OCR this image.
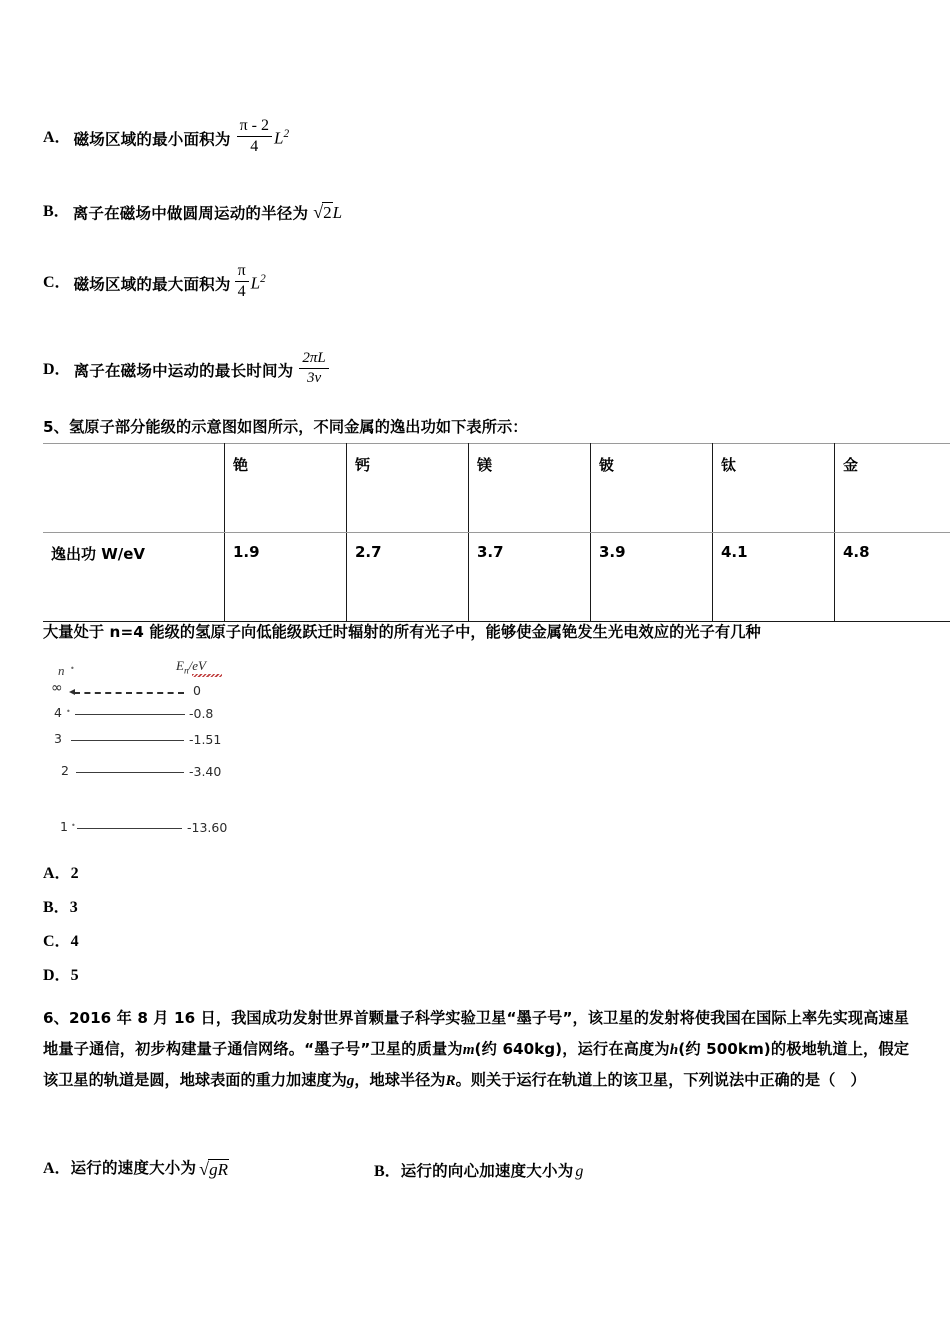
A． 磁场区域的最小面积为 $\frac{\pi - 2}{4} L^2$
B． 离子在磁场中做圆周运动的半径为 √2L
C． 磁场区域的最大面积为 $\frac{\pi}{4} L^2$
D． 离子在磁场中运动的最长时间为 $\frac{2\pi L}{3v}$
5、氢原子部分能级的示意图如图所示，不同金属的逸出功如下表所示：
	铯	钙	镁	铍	钛	金
逸出功 W/eV	1.9	2.7	3.7	3.9	4.1	4.8
大量处于 n=4 能级的氢原子向低能级跃迁时辐射的所有光子中，能够使金属铯发生光电效应的光子有几种
n •	$E_n/eV$
∞	0
4 •	-0.8
3	-1.51
2	-3.40
1 •	-13.60
A．2
B．3
C．4
D．5
6、2016 年 8 月 16 日，我国成功发射世界首颗量子科学实验卫星“墨子号”，该卫星的发射将使我国在国际上率先实现高速星地量子通信，初步构建量子通信网络。“墨子号”卫星的质量为m(约 640kg)，运行在高度为h(约 500km)的极地轨道上，假定该卫星的轨道是圆，地球表面的重力加速度为g，地球半径为R。则关于运行在轨道上的该卫星，下列说法中正确的是（　）
A．运行的速度大小为 √gR	B．运行的向心加速度大小为 g
